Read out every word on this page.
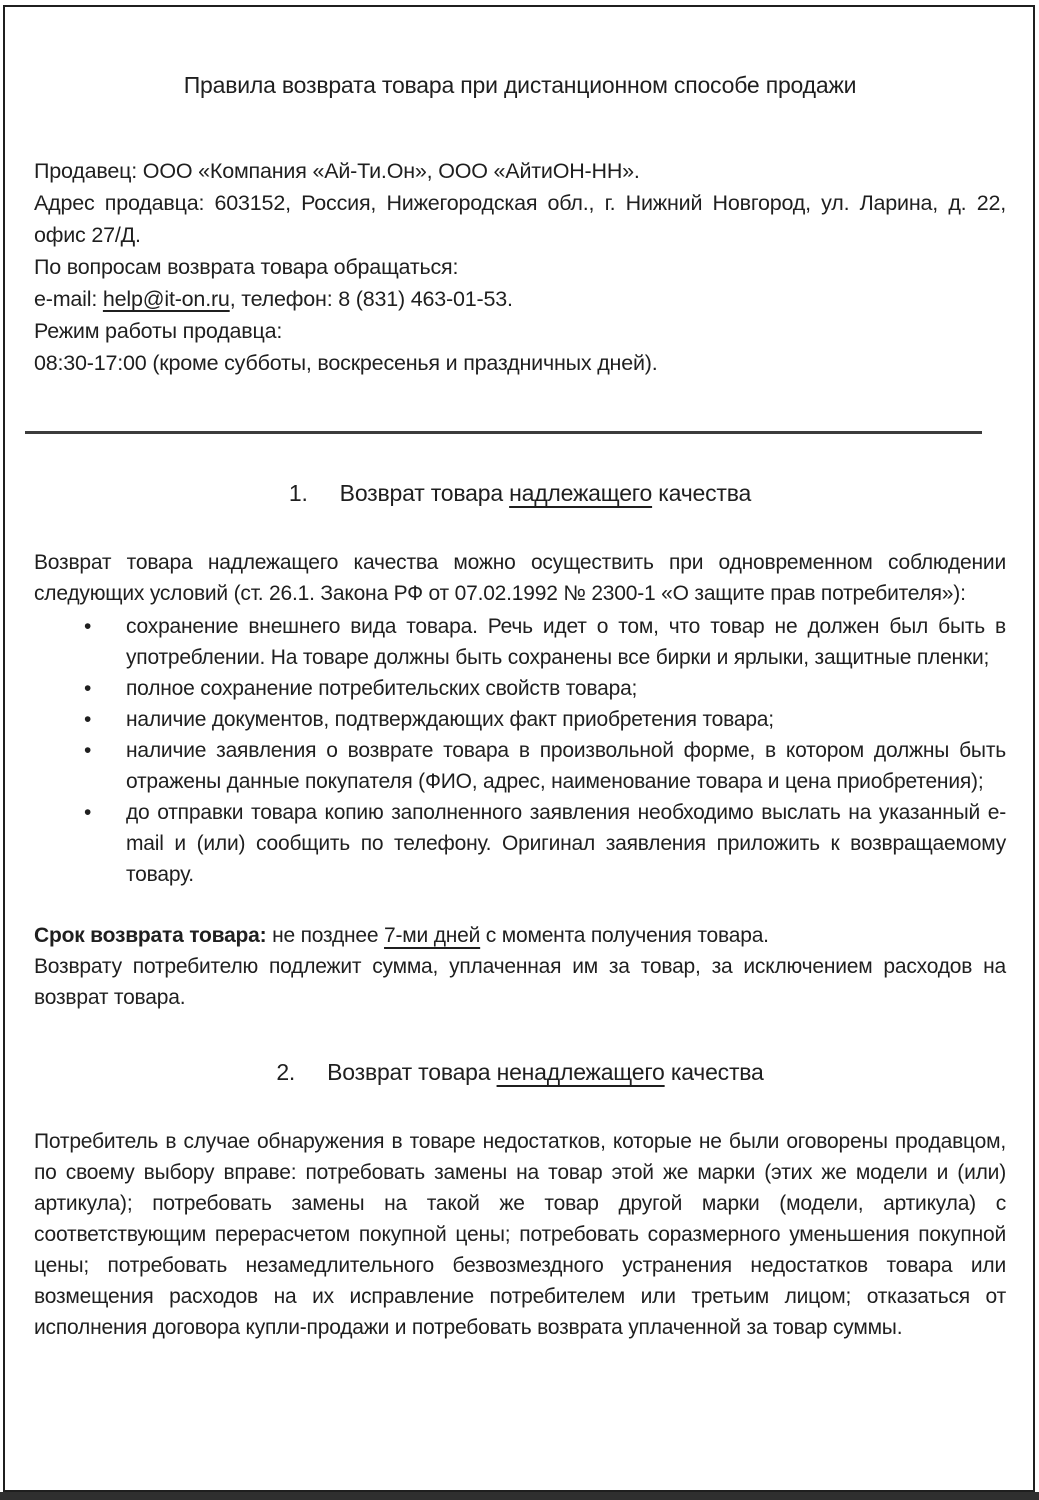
Правила возврата товара при дистанционном способе продажи

Продавец: ООО «Компания «Ай-Ти.Он», ООО «АйтиОН-НН».

Адрес продавца: 603152, Россия, Нижегородская обл., г. Нижний Новгород, ул. Ларина, д. 22, офис 27/Д.

По вопросам возврата товара обращаться:

e-mail: help@it-on.ru, телефон: 8 (831) 463-01-53.

Режим работы продавца:

08:30-17:00 (кроме субботы, воскресенья и праздничных дней).

1. Возврат товара надлежащего качества

Возврат товара надлежащего качества можно осуществить при одновременном соблюдении следующих условий (ст. 26.1. Закона РФ от 07.02.1992 № 2300-1 «О защите прав потребителя»):

• сохранение внешнего вида товара. Речь идет о том, что товар не должен был быть в употреблении. На товаре должны быть сохранены все бирки и ярлыки, защитные пленки;
• полное сохранение потребительских свойств товара;
• наличие документов, подтверждающих факт приобретения товара;
• наличие заявления о возврате товара в произвольной форме, в котором должны быть отражены данные покупателя (ФИО, адрес, наименование товара и цена приобретения);
• до отправки товара копию заполненного заявления необходимо выслать на указанный e-mail и (или) сообщить по телефону. Оригинал заявления приложить к возвращаемому товару.

Срок возврата товара: не позднее 7-ми дней с момента получения товара.

Возврату потребителю подлежит сумма, уплаченная им за товар, за исключением расходов на возврат товара.

2. Возврат товара ненадлежащего качества

Потребитель в случае обнаружения в товаре недостатков, которые не были оговорены продавцом, по своему выбору вправе: потребовать замены на товар этой же марки (этих же модели и (или) артикула); потребовать замены на такой же товар другой марки (модели, артикула) с соответствующим перерасчетом покупной цены; потребовать соразмерного уменьшения покупной цены; потребовать незамедлительного безвозмездного устранения недостатков товара или возмещения расходов на их исправление потребителем или третьим лицом; отказаться от исполнения договора купли-продажи и потребовать возврата уплаченной за товар суммы.
